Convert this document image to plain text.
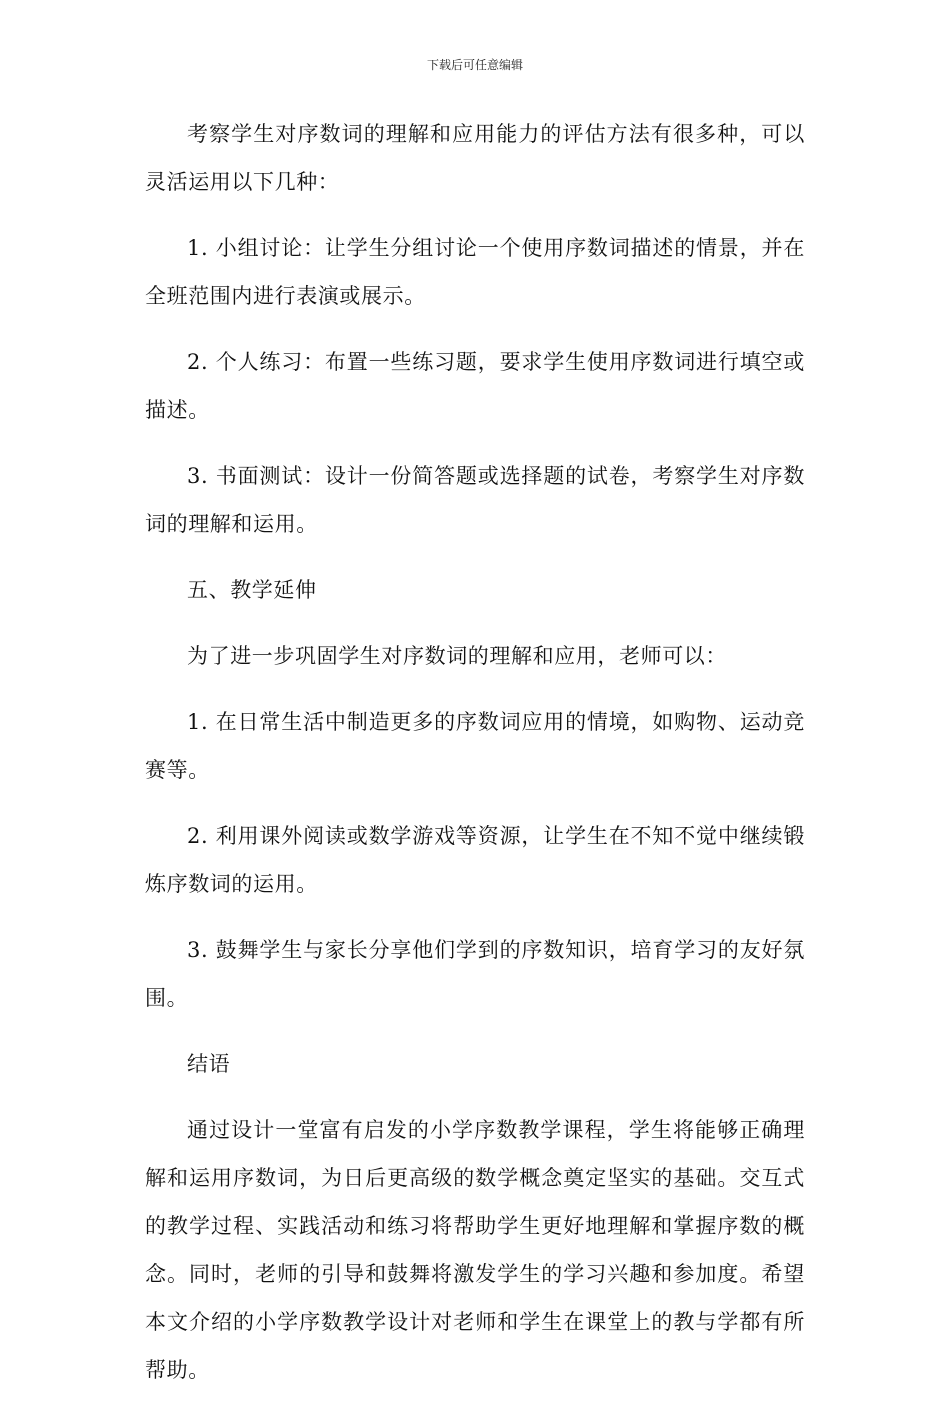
下载后可任意编辑

考察学生对序数词的理解和应用能力的评估方法有很多种，可以灵活运用以下几种：

1. 小组讨论：让学生分组讨论一个使用序数词描述的情景，并在全班范围内进行表演或展示。

2. 个人练习：布置一些练习题，要求学生使用序数词进行填空或描述。

3. 书面测试：设计一份简答题或选择题的试卷，考察学生对序数词的理解和运用。

五、教学延伸

为了进一步巩固学生对序数词的理解和应用，老师可以：

1. 在日常生活中制造更多的序数词应用的情境，如购物、运动竞赛等。

2. 利用课外阅读或数学游戏等资源，让学生在不知不觉中继续锻炼序数词的运用。

3. 鼓舞学生与家长分享他们学到的序数知识，培育学习的友好氛围。

结语

通过设计一堂富有启发的小学序数教学课程，学生将能够正确理解和运用序数词，为日后更高级的数学概念奠定坚实的基础。交互式的教学过程、实践活动和练习将帮助学生更好地理解和掌握序数的概念。同时，老师的引导和鼓舞将激发学生的学习兴趣和参加度。希望本文介绍的小学序数教学设计对老师和学生在课堂上的教与学都有所帮助。
